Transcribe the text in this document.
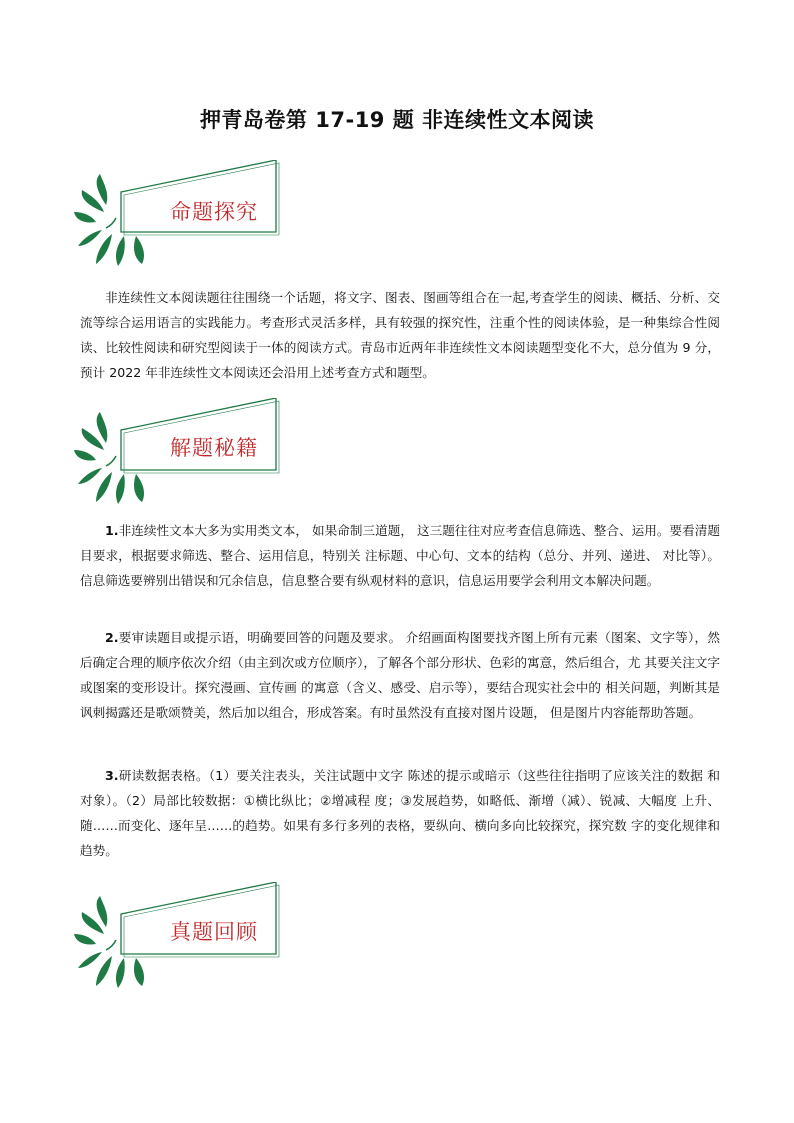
押青岛卷第 17-19 题 非连续性文本阅读
命题探究
非连续性文本阅读题往往围绕一个话题，将文字、图表、图画等组合在一起,考查学生的阅读、概括、分析、交流等综合运用语言的实践能力。考查形式灵活多样，具有较强的探究性，注重个性的阅读体验，是一种集综合性阅读、比较性阅读和研究型阅读于一体的阅读方式。青岛市近两年非连续性文本阅读题型变化不大，总分值为 9 分，预计 2022 年非连续性文本阅读还会沿用上述考查方式和题型。
解题秘籍
1.非连续性文本大多为实用类文本， 如果命制三道题， 这三题往往对应考查信息筛选、整合、运用。要看清题目要求，根据要求筛选、整合、运用信息，特别关 注标题、中心句、文本的结构（总分、并列、递进、 对比等）。信息筛选要辨别出错误和冗余信息，信息整合要有纵观材料的意识，信息运用要学会利用文本解决问题。
2.要审读题目或提示语，明确要回答的问题及要求。 介绍画面构图要找齐图上所有元素（图案、文字等），然后确定合理的顺序依次介绍（由主到次或方位顺序），了解各个部分形状、色彩的寓意，然后组合，尤 其要关注文字或图案的变形设计。探究漫画、宣传画 的寓意（含义、感受、启示等），要结合现实社会中的 相关问题，判断其是讽刺揭露还是歌颂赞美，然后加以组合，形成答案。有时虽然没有直接对图片设题， 但是图片内容能帮助答题。
3.研读数据表格。（1）要关注表头，关注试题中文字 陈述的提示或暗示（这些往往指明了应该关注的数据 和对象）。（2）局部比较数据：①横比纵比；②增减程 度；③发展趋势，如略低、渐增（减）、锐减、大幅度 上升、随……而变化、逐年呈……的趋势。如果有多行多列的表格，要纵向、横向多向比较探究，探究数 字的变化规律和趋势。
真题回顾
